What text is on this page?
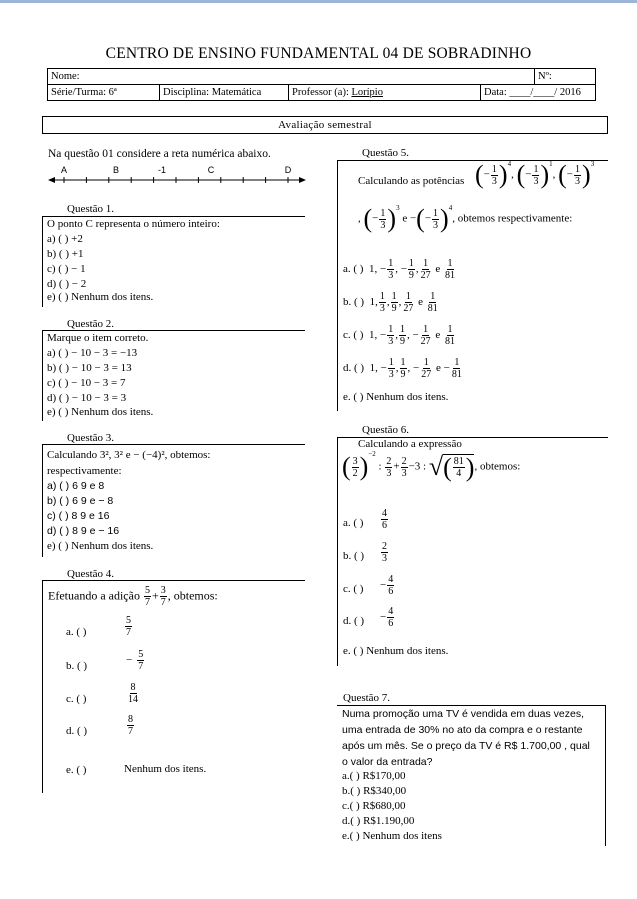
CENTRO DE ENSINO FUNDAMENTAL 04 DE SOBRADINHO
Nome:				Nº:
Série/Turma: 6ª	Disciplina: Matemática	Professor (a): Lorípio	Data: ____/____/ 2016	
Avaliação semestral
Na questão 01 considere a reta numérica abaixo.
A	B	-1	C	D
Questão 1.
O ponto C representa o número inteiro:
a) ( ) +2
b) ( ) +1
c) ( ) − 1
d) ( ) − 2
e) ( ) Nenhum dos itens.
Questão 2.
Marque o item correto.
a) ( ) − 10 − 3 = −13
b) ( ) − 10 − 3 = 13
c) ( ) − 10 − 3 = 7
d) ( ) − 10 − 3 = 3
e) ( ) Nenhum dos itens.
Questão 3.
Calculando 3², 3² e − (−4)², obtemos:
respectivamente:
a) ( ) 6 9 e 8
b) ( ) 6 9 e − 8
c) ( ) 8 9 e 16
d) ( ) 8 9 e − 16
e) ( ) Nenhum dos itens.
Questão 4.
Efetuando a adição $\frac{5}{7} + \frac{3}{7}$ , obtemos:
a. ( )	$\frac{5}{7}$
b. ( )	− $\frac{5}{7}$
c. ( )	$\frac{8}{14}$
d. ( )	$\frac{8}{7}$
e. ( )	Nenhum dos itens.
Questão 5.
Calculando as potências (− $\frac{1}{3} )^4$, (− $\frac{1}{3} )^1$, (− $\frac{1}{3} )^3$
, (− $\frac{1}{3} )^3$ e −(− $\frac{1}{3} )^4$, obtemos respectivamente:
a. ( )  1, − $\frac{1}{3}$ , − $\frac{1}{9}$ , $\frac{1}{27}$ e $\frac{1}{81}$
b. ( )  1, $\frac{1}{3}$ , $\frac{1}{9}$ , $\frac{1}{27}$ e $\frac{1}{81}$
c. ( )  1, − $\frac{1}{3}$ , $\frac{1}{9}$ , − $\frac{1}{27}$ e $\frac{1}{81}$
d. ( )  1, − $\frac{1}{3}$ , $\frac{1}{9}$ , − $\frac{1}{27}$ $e - \frac{1}{81}$
e. ( ) Nenhum dos itens.
Questão 6.
Calculando a expressão
( $\frac{3}{2} )^{-2}$ : $\frac{2}{3} + \frac{2}{3} -3$ : √( $\frac{81}{4}$ ), obtemos:
a. ( ) $\frac{4}{6}$
b. ( ) $\frac{2}{3}$
c. ( ) − $\frac{4}{6}$
d. ( ) − $\frac{4}{6}$
e. ( ) Nenhum dos itens.
Questão 7.
Numa promoção uma TV é vendida em duas vezes,
uma entrada de 30% no ato da compra e o restante
após um mês. Se o preço da TV é R$ 1.700,00 , qual
o valor da entrada?
a.( ) R$170,00
b.( ) R$340,00
c.( ) R$680,00
d.( ) R$1.190,00
e.( ) Nenhum dos itens
